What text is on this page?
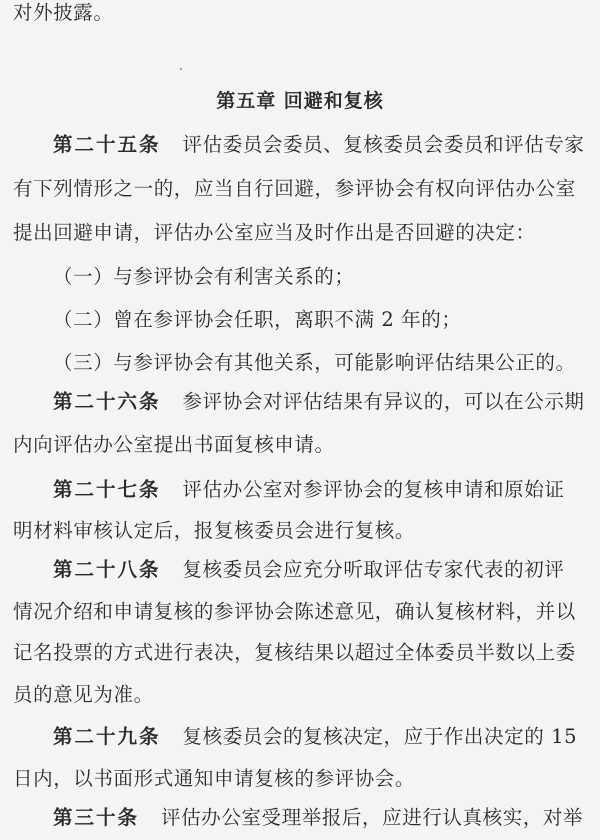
对外披露。
第五章 回避和复核
第二十五条 评估委员会委员、复核委员会委员和评估专家
有下列情形之一的，应当自行回避，参评协会有权向评估办公室
提出回避申请，评估办公室应当及时作出是否回避的决定：
（一）与参评协会有利害关系的；
（二）曾在参评协会任职，离职不满 2 年的；
（三）与参评协会有其他关系，可能影响评估结果公正的。
第二十六条 参评协会对评估结果有异议的，可以在公示期
内向评估办公室提出书面复核申请。
第二十七条 评估办公室对参评协会的复核申请和原始证
明材料审核认定后，报复核委员会进行复核。
第二十八条 复核委员会应充分听取评估专家代表的初评
情况介绍和申请复核的参评协会陈述意见，确认复核材料，并以
记名投票的方式进行表决，复核结果以超过全体委员半数以上委
员的意见为准。
第二十九条 复核委员会的复核决定，应于作出决定的 15
日内，以书面形式通知申请复核的参评协会。
第三十条 评估办公室受理举报后，应进行认真核实，对举
